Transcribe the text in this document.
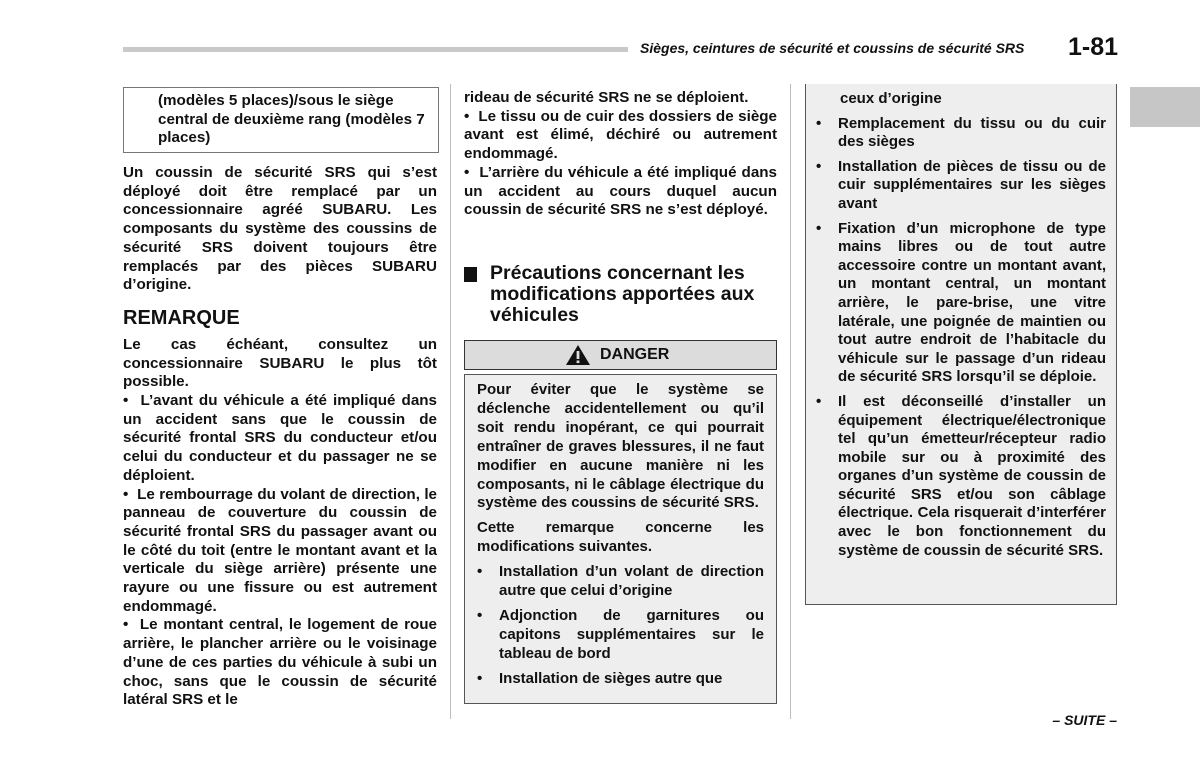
Sièges, ceintures de sécurité et coussins de sécurité SRS 1-81

(modèles 5 places)/sous le siège central de deuxième rang (modèles 7 places)

Un coussin de sécurité SRS qui s’est déployé doit être remplacé par un concessionnaire agréé SUBARU. Les composants du système des coussins de sécurité SRS doivent toujours être remplacés par des pièces SUBARU d’origine.

REMARQUE

Le cas échéant, consultez un concessionnaire SUBARU le plus tôt possible.

•  L’avant du véhicule a été impliqué dans un accident sans que le coussin de sécurité frontal SRS du conducteur et/ou celui du conducteur et du passager ne se déploient.

•  Le rembourrage du volant de direction, le panneau de couverture du coussin de sécurité frontal SRS du passager avant ou le côté du toit (entre le montant avant et la verticale du siège arrière) présente une rayure ou une fissure ou est autrement endommagé.

•  Le montant central, le logement de roue arrière, le plancher arrière ou le voisinage d’une de ces parties du véhicule à subi un choc, sans que le coussin de sécurité latéral SRS et le

rideau de sécurité SRS ne se déploient.

•  Le tissu ou de cuir des dossiers de siège avant est élimé, déchiré ou autrement endommagé.

•  L’arrière du véhicule a été impliqué dans un accident au cours duquel aucun coussin de sécurité SRS ne s’est déployé.

Précautions concernant les modifications apportées aux véhicules
DANGER

Pour éviter que le système se déclenche accidentellement ou qu’il soit rendu inopérant, ce qui pourrait entraîner de graves blessures, il ne faut modifier en aucune manière ni les composants, ni le câblage électrique du système des coussins de sécurité SRS.

Cette remarque concerne les modifications suivantes.

•	Installation d’un volant de direction autre que celui d’origine
•	Adjonction de garnitures ou capitons supplémentaires sur le tableau de bord
•	Installation de sièges autre que

ceux d’origine

•	Remplacement du tissu ou du cuir des sièges
•	Installation de pièces de tissu ou de cuir supplémentaires sur les sièges avant
•	Fixation d’un microphone de type mains libres ou de tout autre accessoire contre un montant avant, un montant central, un montant arrière, le pare-brise, une vitre latérale, une poignée de maintien ou tout autre endroit de l’habitacle du véhicule sur le passage d’un rideau de sécurité SRS lorsqu’il se déploie.
•	Il est déconseillé d’installer un équipement électrique/électronique tel qu’un émetteur/récepteur radio mobile sur ou à proximité des organes d’un système de coussin de sécurité SRS et/ou son câblage électrique. Cela risquerait d’interférer avec le bon fonctionnement du système de coussin de sécurité SRS.
– SUITE –
